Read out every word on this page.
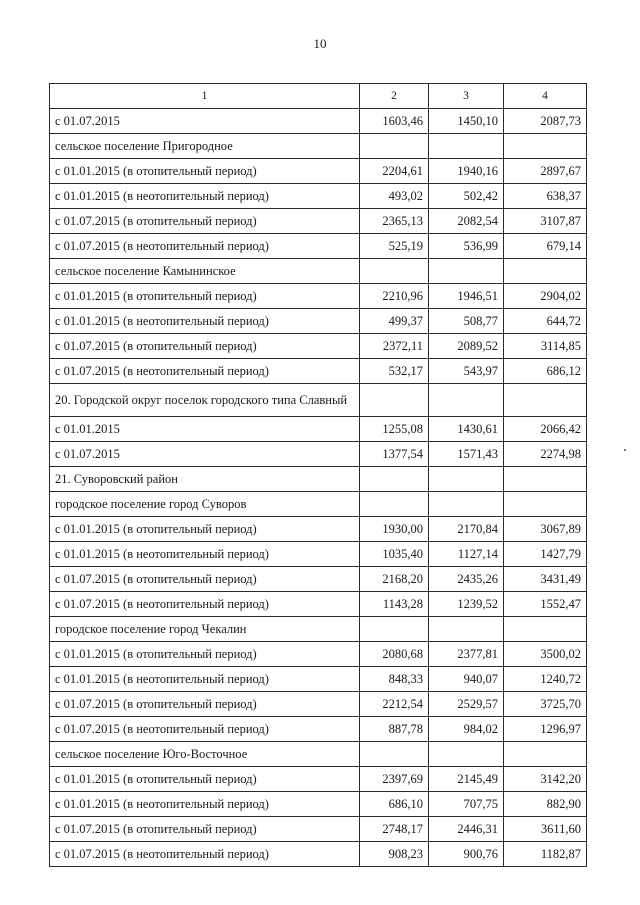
10
1	2	3	4
с 01.07.2015	1603,46	1450,10	2087,73
сельское поселение Пригородное			
с 01.01.2015 (в отопительный период)	2204,61	1940,16	2897,67
с 01.01.2015 (в неотопительный период)	493,02	502,42	638,37
с 01.07.2015 (в отопительный период)	2365,13	2082,54	3107,87
с 01.07.2015 (в неотопительный период)	525,19	536,99	679,14
сельское поселение Камынинское			
с 01.01.2015 (в отопительный период)	2210,96	1946,51	2904,02
с 01.01.2015 (в неотопительный период)	499,37	508,77	644,72
с 01.07.2015 (в отопительный период)	2372,11	2089,52	3114,85
с 01.07.2015 (в неотопительный период)	532,17	543,97	686,12
20. Городской округ поселок городского типа Славный			
с 01.01.2015	1255,08	1430,61	2066,42
с 01.07.2015	1377,54	1571,43	2274,98
21. Суворовский район			
городское поселение город Суворов			
с 01.01.2015 (в отопительный период)	1930,00	2170,84	3067,89
с 01.01.2015 (в неотопительный период)	1035,40	1127,14	1427,79
с 01.07.2015 (в отопительный период)	2168,20	2435,26	3431,49
с 01.07.2015 (в неотопительный период)	1143,28	1239,52	1552,47
городское поселение город Чекалин			
с 01.01.2015 (в отопительный период)	2080,68	2377,81	3500,02
с 01.01.2015 (в неотопительный период)	848,33	940,07	1240,72
с 01.07.2015 (в отопительный период)	2212,54	2529,57	3725,70
с 01.07.2015 (в неотопительный период)	887,78	984,02	1296,97
сельское поселение Юго-Восточное			
с 01.01.2015 (в отопительный период)	2397,69	2145,49	3142,20
с 01.01.2015 (в неотопительный период)	686,10	707,75	882,90
с 01.07.2015 (в отопительный период)	2748,17	2446,31	3611,60
с 01.07.2015 (в неотопительный период)	908,23	900,76	1182,87
